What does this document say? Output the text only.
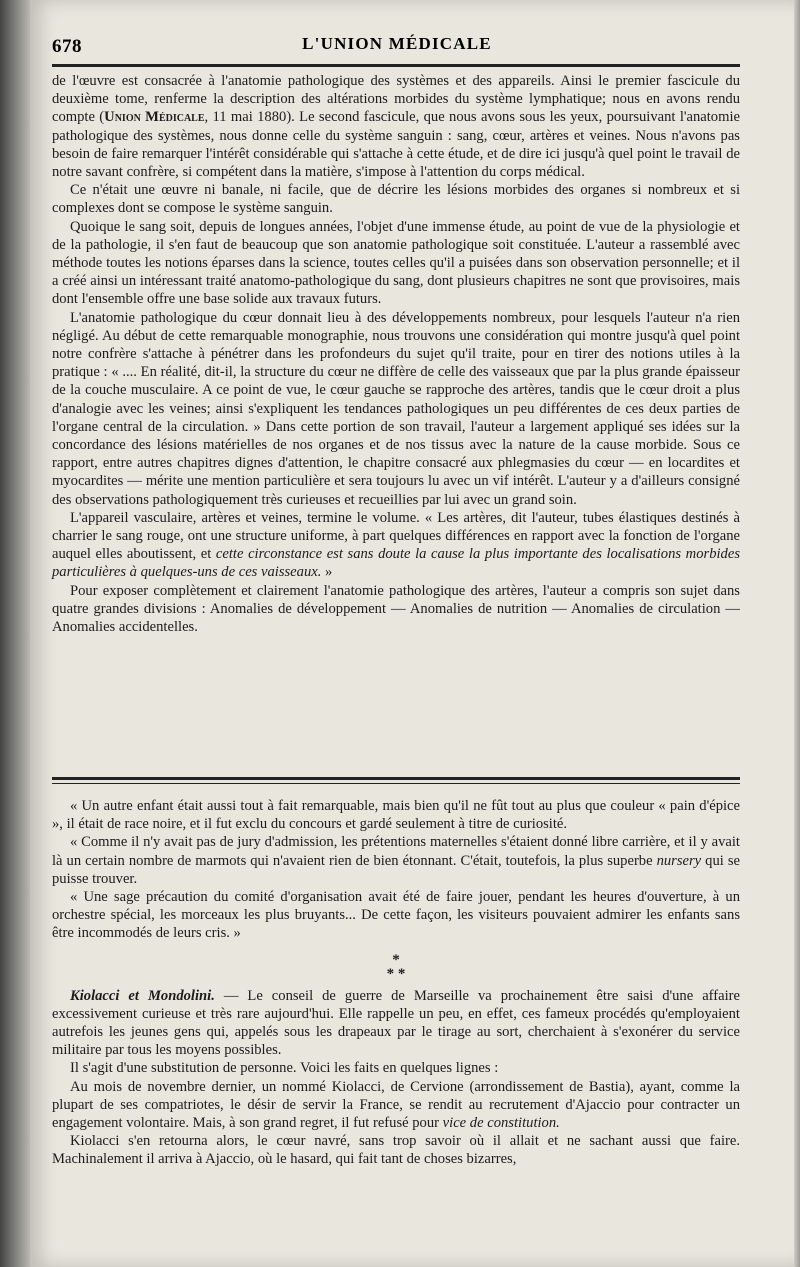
678	L'UNION MÉDICALE

de l'œuvre est consacrée à l'anatomie pathologique des systèmes et des appareils. Ainsi le premier fascicule du deuxième tome, renferme la description des altérations morbides du système lymphatique; nous en avons rendu compte (Union Médicale, 11 mai 1880). Le second fascicule, que nous avons sous les yeux, poursuivant l'anatomie pathologique des systèmes, nous donne celle du système sanguin : sang, cœur, artères et veines. Nous n'avons pas besoin de faire remarquer l'intérêt considérable qui s'attache à cette étude, et de dire ici jusqu'à quel point le travail de notre savant confrère, si compétent dans la matière, s'impose à l'attention du corps médical.

Ce n'était une œuvre ni banale, ni facile, que de décrire les lésions morbides des organes si nombreux et si complexes dont se compose le système sanguin.

Quoique le sang soit, depuis de longues années, l'objet d'une immense étude, au point de vue de la physiologie et de la pathologie, il s'en faut de beaucoup que son anatomie pathologique soit constituée. L'auteur a rassemblé avec méthode toutes les notions éparses dans la science, toutes celles qu'il a puisées dans son observation personnelle; et il a créé ainsi un intéressant traité anatomo-pathologique du sang, dont plusieurs chapitres ne sont que provisoires, mais dont l'ensemble offre une base solide aux travaux futurs.

L'anatomie pathologique du cœur donnait lieu à des développements nombreux, pour lesquels l'auteur n'a rien négligé. Au début de cette remarquable monographie, nous trouvons une considération qui montre jusqu'à quel point notre confrère s'attache à pénétrer dans les profondeurs du sujet qu'il traite, pour en tirer des notions utiles à la pratique : « .... En réalité, dit-il, la structure du cœur ne diffère de celle des vaisseaux que par la plus grande épaisseur de la couche musculaire. A ce point de vue, le cœur gauche se rapproche des artères, tandis que le cœur droit a plus d'analogie avec les veines; ainsi s'expliquent les tendances pathologiques un peu différentes de ces deux parties de l'organe central de la circulation. » Dans cette portion de son travail, l'auteur a largement appliqué ses idées sur la concordance des lésions matérielles de nos organes et de nos tissus avec la nature de la cause morbide. Sous ce rapport, entre autres chapitres dignes d'attention, le chapitre consacré aux phlegmasies du cœur — en locardites et myocardites — mérite une mention particulière et sera toujours lu avec un vif intérêt. L'auteur y a d'ailleurs consigné des observations pathologiquement très curieuses et recueillies par lui avec un grand soin.

L'appareil vasculaire, artères et veines, termine le volume. « Les artères, dit l'auteur, tubes élastiques destinés à charrier le sang rouge, ont une structure uniforme, à part quelques différences en rapport avec la fonction de l'organe auquel elles aboutissent, et cette circonstance est sans doute la cause la plus importante des localisations morbides particulières à quelques-uns de ces vaisseaux. »

Pour exposer complètement et clairement l'anatomie pathologique des artères, l'auteur a compris son sujet dans quatre grandes divisions : Anomalies de développement — Anomalies de nutrition — Anomalies de circulation — Anomalies accidentelles.

« Un autre enfant était aussi tout à fait remarquable, mais bien qu'il ne fût tout au plus que couleur « pain d'épice », il était de race noire, et il fut exclu du concours et gardé seulement à titre de curiosité.

« Comme il n'y avait pas de jury d'admission, les prétentions maternelles s'étaient donné libre carrière, et il y avait là un certain nombre de marmots qui n'avaient rien de bien étonnant. C'était, toutefois, la plus superbe nursery qui se puisse trouver.

« Une sage précaution du comité d'organisation avait été de faire jouer, pendant les heures d'ouverture, à un orchestre spécial, les morceaux les plus bruyants... De cette façon, les visiteurs pouvaient admirer les enfants sans être incommodés de leurs cris. »

*
* *

Kiolacci et Mondolini. — Le conseil de guerre de Marseille va prochainement être saisi d'une affaire excessivement curieuse et très rare aujourd'hui. Elle rappelle un peu, en effet, ces fameux procédés qu'employaient autrefois les jeunes gens qui, appelés sous les drapeaux par le tirage au sort, cherchaient à s'exonérer du service militaire par tous les moyens possibles.

Il s'agit d'une substitution de personne. Voici les faits en quelques lignes :

Au mois de novembre dernier, un nommé Kiolacci, de Cervione (arrondissement de Bastia), ayant, comme la plupart de ses compatriotes, le désir de servir la France, se rendit au recrutement d'Ajaccio pour contracter un engagement volontaire. Mais, à son grand regret, il fut refusé pour vice de constitution.

Kiolacci s'en retourna alors, le cœur navré, sans trop savoir où il allait et ne sachant aussi que faire. Machinalement il arriva à Ajaccio, où le hasard, qui fait tant de choses bizarres,
